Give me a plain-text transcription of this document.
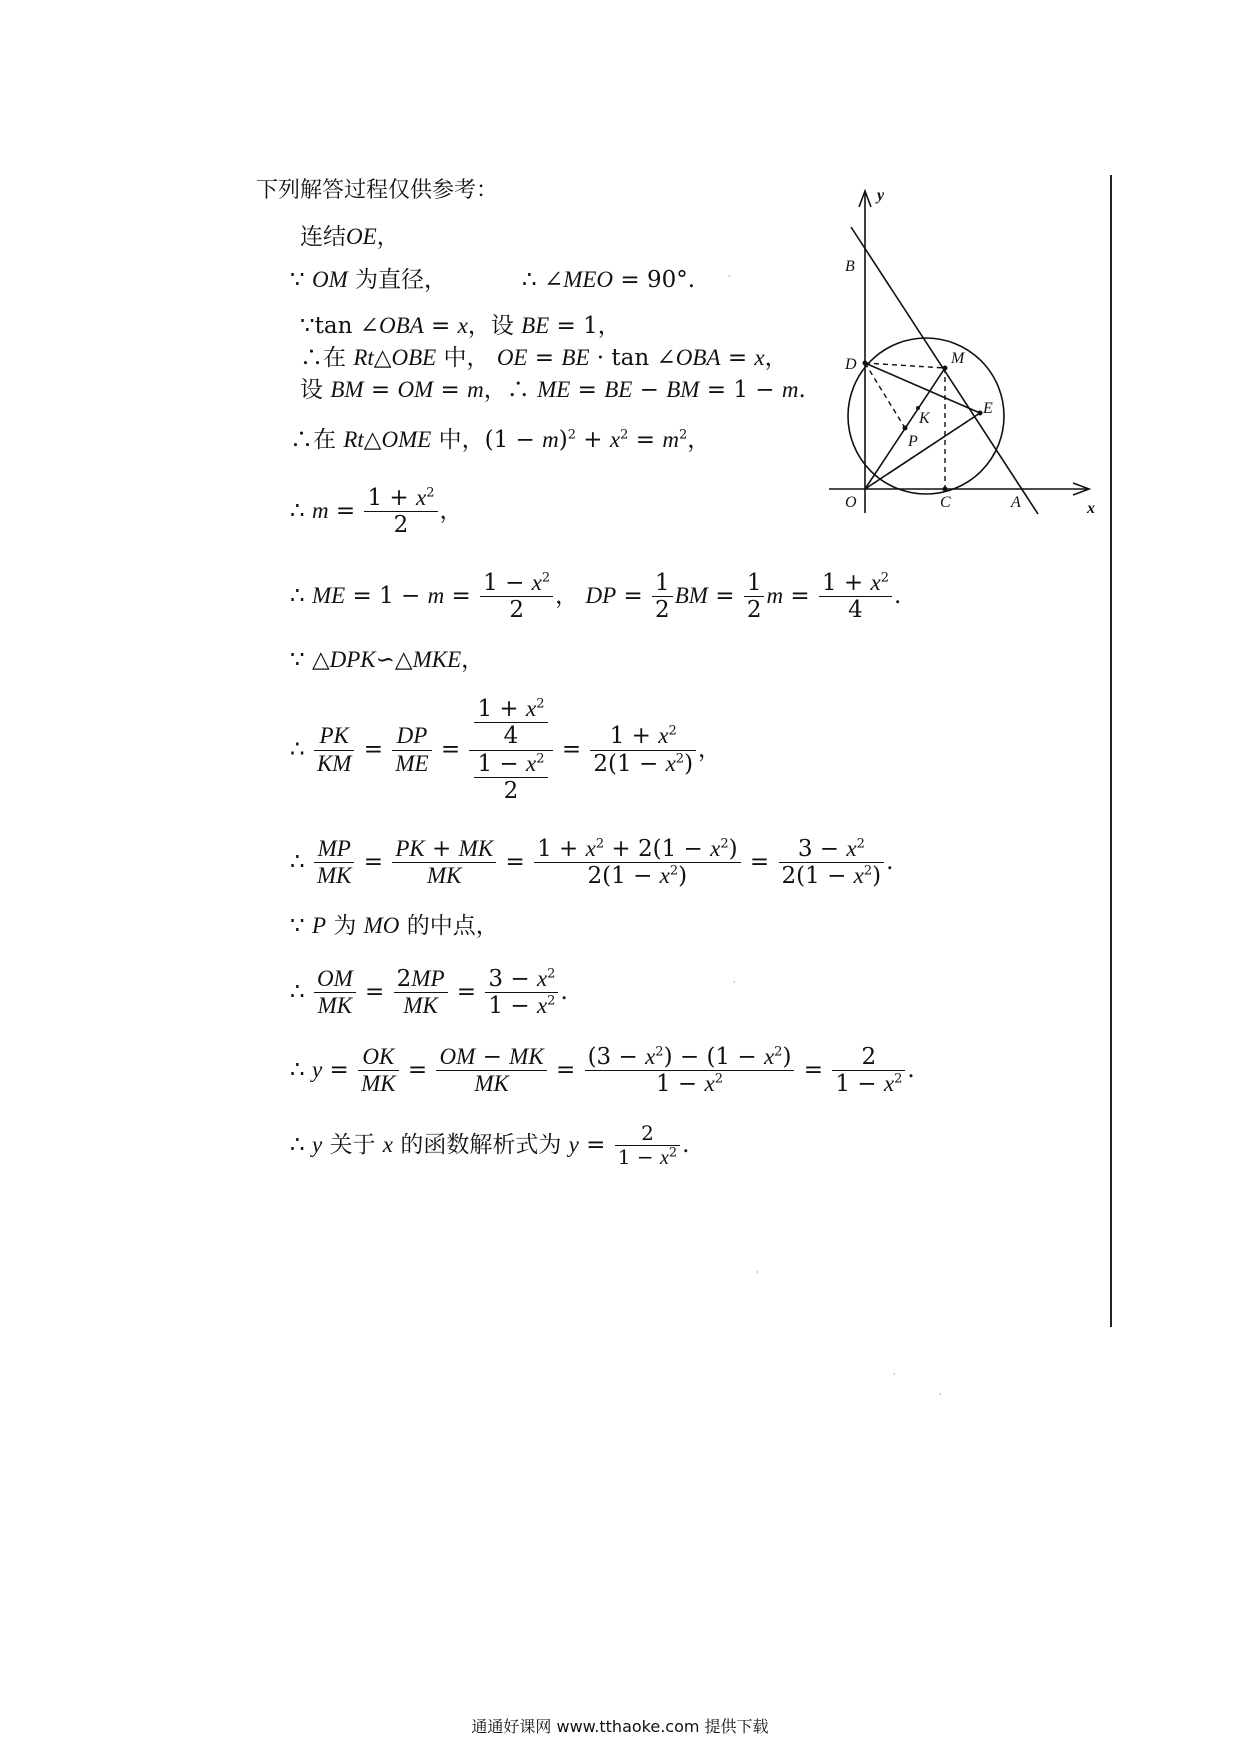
下列解答过程仅供参考：
连结OE，
∵ OM 为直径，	∴ ∠MEO = 90°.
∵tan ∠OBA = x，设 BE = 1，
∴在 Rt△OBE 中， OE = BE · tan ∠OBA = x，
设 BM = OM = m，∴ ME = BE − BM = 1 − m.
∴在 Rt△OME 中，$(1 - m)^2 + x^2 = m^2$，
∴ $m = \frac{1 + x^2}{2}$ ，
∴ ME = $1 - m = \frac{1 - x^2}{2}$ ， DP = $\frac{1}{2}$ BM = $\frac{1}{2}$ $m = \frac{1 + x^2}{4}$ .
∵ △DPK∽△MKE，
∴ $\frac{PK}{KM} = \frac{DP}{ME} = \frac{\frac{1 + x^2}{4}}{\frac{1 - x^2}{2}} = \frac{1 + x^2}{2(1 - x^2)}$ ，
∴ $\frac{MP}{MK} = \frac{PK + MK}{MK} = \frac{1 + x^2 + 2(1 - x^2)}{2(1 - x^2)} = \frac{3 - x^2}{2(1 - x^2)}$ .
∵ P 为 MO 的中点，
∴ $\frac{OM}{MK} = \frac{2MP}{MK} = \frac{3 - x^2}{1 - x^2}$ .
∴ $y = \frac{OK}{MK} = \frac{OM - MK}{MK} = \frac{(3 - x^2) - (1 - x^2)}{1 - x^2} = \frac{2}{1 - x^2}$ .
∴ y 关于 x 的函数解析式为 $y = \frac{2}{1 - x^2}$ .
y
x
O	A
B
C
D
E
M
K
P
·
·
·
·
·
通通好课网 www.tthaoke.com 提供下载
